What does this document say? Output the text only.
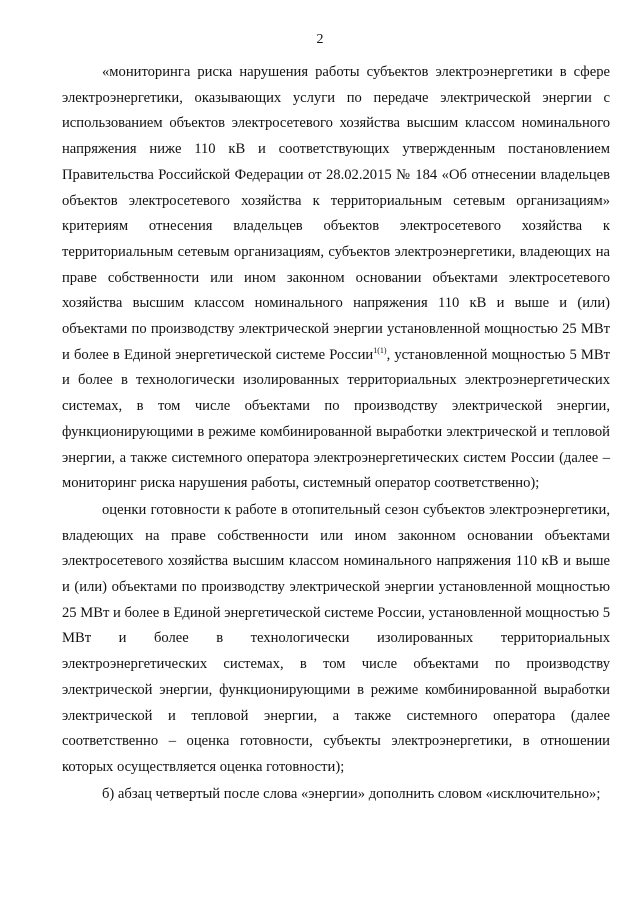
2

«мониторинга риска нарушения работы субъектов электроэнергетики в сфере электроэнергетики, оказывающих услуги по передаче электрической энергии с использованием объектов электросетевого хозяйства высшим классом номинального напряжения ниже 110 кВ и соответствующих утвержденным постановлением Правительства Российской Федерации от 28.02.2015 № 184 «Об отнесении владельцев объектов электросетевого хозяйства к территориальным сетевым организациям» критериям отнесения владельцев объектов электросетевого хозяйства к территориальным сетевым организациям, субъектов электроэнергетики, владеющих на праве собственности или ином законном основании объектами электросетевого хозяйства высшим классом номинального напряжения 110 кВ и выше и (или) объектами по производству электрической энергии установленной мощностью 25 МВт и более в Единой энергетической системе России$^{1(1)}$, установленной мощностью 5 МВт и более в технологически изолированных территориальных электроэнергетических системах, в том числе объектами по производству электрической энергии, функционирующими в режиме комбинированной выработки электрической и тепловой энергии, а также системного оператора электроэнергетических систем России (далее – мониторинг риска нарушения работы, системный оператор соответственно);

оценки готовности к работе в отопительный сезон субъектов электроэнергетики, владеющих на праве собственности или ином законном основании объектами электросетевого хозяйства высшим классом номинального напряжения 110 кВ и выше и (или) объектами по производству электрической энергии установленной мощностью 25 МВт и более в Единой энергетической системе России, установленной мощностью 5 МВт и более в технологически изолированных территориальных электроэнергетических системах, в том числе объектами по производству электрической энергии, функционирующими в режиме комбинированной выработки электрической и тепловой энергии, а также системного оператора (далее соответственно – оценка готовности, субъекты электроэнергетики, в отношении которых осуществляется оценка готовности);

б) абзац четвертый после слова «энергии» дополнить словом «исключительно»;
